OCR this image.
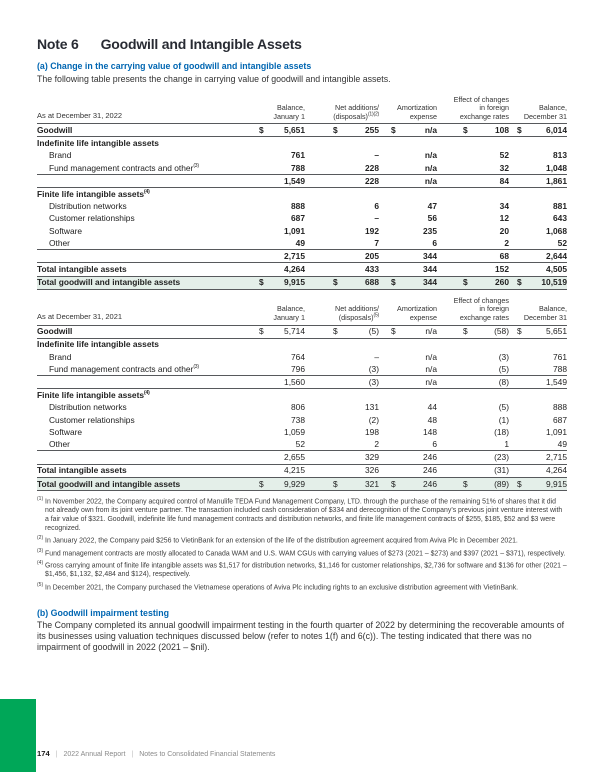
Note 6 Goodwill and Intangible Assets
(a) Change in the carrying value of goodwill and intangible assets
The following table presents the change in carrying value of goodwill and intangible assets.
As at December 31, 2022
Balance,
January 1
Net additions/
(disposals)$^{(1)(2)}$
Amortization
expense
Effect of changes
in foreign
exchange rates
Balance,
December 31
Goodwill	$ 5,651	$	255 $	n/a	$	108 $	6,014
Indefinite life intangible assets
Brand	761	–	n/a	52	813
Fund management contracts and other$^{(3)}$	788	228	n/a	32	1,048
1,549	228	n/a	84	1,861
Finite life intangible assets$^{(4)}$
Distribution networks	888	6	47	34	881
Customer relationships	687	–	56	12	643
Software	1,091	192	235	20	1,068
Other	49	7	6	2	52
2,715	205	344	68	2,644
Total intangible assets	4,264	433	344	152	4,505
Total goodwill and intangible assets	$ 9,915	$	688 $	344	$	260 $ 10,519
As at December 31, 2021
Balance,
January 1
Net additions/
(disposals)$^{(5)}$
Amortization
expense
Effect of changes
in foreign
exchange rates
Balance,
December 31
Goodwill	$ 5,714	$	(5) $	n/a	$	(58) $	5,651
Indefinite life intangible assets
Brand	764	–	n/a	(3)	761
Fund management contracts and other$^{(3)}$	796	(3)	n/a	(5)	788
1,560	(3)	n/a	(8)	1,549
Finite life intangible assets$^{(4)}$
Distribution networks	806	131	44	(5)	888
Customer relationships	738	(2)	48	(1)	687
Software	1,059	198	148	(18)	1,091
Other	52	2	6	1	49
2,655	329	246	(23)	2,715
Total intangible assets	4,215	326	246	(31)	4,264
Total goodwill and intangible assets	$ 9,929	$	321 $	246	$	(89) $	9,915
$^{(1)}$ In November 2022, the Company acquired control of Manulife TEDA Fund Management Company, LTD. through the purchase of the remaining 51% of shares that it did not already own from its joint venture partner. The transaction included cash consideration of $334 and derecognition of the Company’s previous joint venture interest with a fair value of $321. Goodwill, indefinite life fund management contracts and distribution networks, and finite life management contracts of $255, $185, $52 and $3 were recognized.
$^{(2)}$ In January 2022, the Company paid $256 to VietinBank for an extension of the life of the distribution agreement acquired from Aviva Plc in December 2021.
$^{(3)}$ Fund management contracts are mostly allocated to Canada WAM and U.S. WAM CGUs with carrying values of $273 (2021 – $273) and $397 (2021 – $371), respectively.
$^{(4)}$ Gross carrying amount of finite life intangible assets was $1,517 for distribution networks, $1,146 for customer relationships, $2,736 for software and $136 for other (2021 – $1,456, $1,132, $2,484 and $124), respectively.
$^{(5)}$ In December 2021, the Company purchased the Vietnamese operations of Aviva Plc including rights to an exclusive distribution agreement with VietinBank.
(b) Goodwill impairment testing
The Company completed its annual goodwill impairment testing in the fourth quarter of 2022 by determining the recoverable amounts of its businesses using valuation techniques discussed below (refer to notes 1(f) and 6(c)). The testing indicated that there was no impairment of goodwill in 2022 (2021 – $nil).
174 | 2022 Annual Report | Notes to Consolidated Financial Statements
